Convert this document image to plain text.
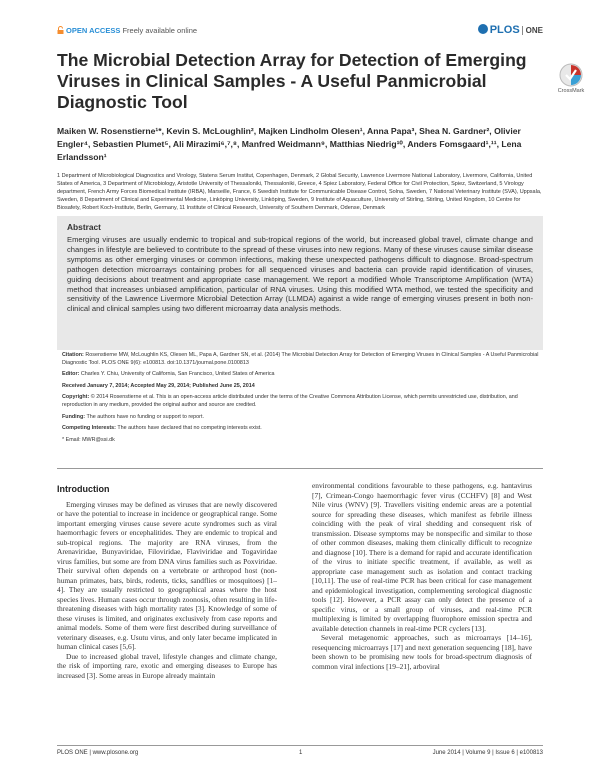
OPEN ACCESS Freely available online	PLOS ONE
The Microbial Detection Array for Detection of Emerging Viruses in Clinical Samples - A Useful Panmicrobial Diagnostic Tool
CrossMark

Maiken W. Rosenstierne¹*, Kevin S. McLoughlin², Majken Lindholm Olesen¹, Anna Papa³, Shea N. Gardner², Olivier Engler⁴, Sebastien Plumet⁵, Ali Mirazimi⁶,⁷,⁸, Manfred Weidmann⁹, Matthias Niedrig¹⁰, Anders Fomsgaard¹,¹¹, Lena Erlandsson¹

1 Department of Microbiological Diagnostics and Virology, Statens Serum Institut, Copenhagen, Denmark, 2 Global Security, Lawrence Livermore National Laboratory, Livermore, California, United States of America, 3 Department of Microbiology, Aristotle University of Thessaloniki, Thessaloniki, Greece, 4 Spiez Laboratory, Federal Office for Civil Protection, Spiez, Switzerland, 5 Virology department, French Army Forces Biomedical Institute (IRBA), Marseille, France, 6 Swedish Institute for Communicable Disease Control, Solna, Sweden, 7 National Veterinary Institute (SVA), Uppsala, Sweden, 8 Department of Clinical and Experimental Medicine, Linköping University, Linköping, Sweden, 9 Institute of Aquaculture, University of Stirling, Stirling, United Kingdom, 10 Centre for Biosafety, Robert Koch-Institute, Berlin, Germany, 11 Institute of Clinical Research, University of Southern Denmark, Odense, Denmark

Abstract

Emerging viruses are usually endemic to tropical and sub-tropical regions of the world, but increased global travel, climate change and changes in lifestyle are believed to contribute to the spread of these viruses into new regions. Many of these viruses cause similar disease symptoms as other emerging viruses or common infections, making these unexpected pathogens difficult to diagnose. Broad-spectrum pathogen detection microarrays containing probes for all sequenced viruses and bacteria can provide rapid identification of viruses, guiding decisions about treatment and appropriate case management. We report a modified Whole Transcriptome Amplification (WTA) method that increases unbiased amplification, particular of RNA viruses. Using this modified WTA method, we tested the specificity and sensitivity of the Lawrence Livermore Microbial Detection Array (LLMDA) against a wide range of emerging viruses present in both non-clinical and clinical samples using two different microarray data analysis methods.

Citation: Rosenstierne MW, McLoughlin KS, Olesen ML, Papa A, Gardner SN, et al. (2014) The Microbial Detection Array for Detection of Emerging Viruses in Clinical Samples - A Useful Panmicrobial Diagnostic Tool. PLOS ONE 9(6): e100813. doi:10.1371/journal.pone.0100813

Editor: Charles Y. Chiu, University of California, San Francisco, United States of America

Received January 7, 2014; Accepted May 29, 2014; Published June 25, 2014

Copyright: © 2014 Rosenstierne et al. This is an open-access article distributed under the terms of the Creative Commons Attribution License, which permits unrestricted use, distribution, and reproduction in any medium, provided the original author and source are credited.

Funding: The authors have no funding or support to report.

Competing Interests: The authors have declared that no competing interests exist.

* Email: MWR@ssi.dk

Introduction

Emerging viruses may be defined as viruses that are newly discovered or have the potential to increase in incidence or geographical range. Some important emerging viruses cause severe acute syndromes such as viral haemorrhagic fevers or encephalitides. They are endemic to tropical and sub-tropical regions. The majority are RNA viruses, from the Arenaviridae, Bunyaviridae, Filoviridae, Flaviviridae and Togaviridae virus families, but some are from DNA virus families such as Poxviridae. Their survival often depends on a vertebrate or arthropod host (non-human primates, bats, birds, rodents, ticks, sandflies or mosquitoes) [1–4]. They are usually restricted to geographical areas where the host species lives. Human cases occur through zoonosis, often resulting in life-threatening diseases with high mortality rates [3]. Knowledge of some of these viruses is limited, and originates exclusively from case reports and animal models. Some of them were first described during surveillance of veterinary diseases, e.g. Usutu virus, and only later became implicated in human clinical cases [5,6].

Due to increased global travel, lifestyle changes and climate change, the risk of importing rare, exotic and emerging diseases to Europe has increased [3]. Some areas in Europe already maintain

environmental conditions favourable to these pathogens, e.g. hantavirus [7], Crimean-Congo haemorrhagic fever virus (CCHFV) [8] and West Nile virus (WNV) [9]. Travellers visiting endemic areas are a potential source for spreading these diseases, which manifest as febrile illness coinciding with the peak of viral shedding and consequent risk of transmission. Disease symptoms may be nonspecific and similar to those of other common diseases, making them clinically difficult to recognize and diagnose [10]. There is a demand for rapid and accurate identification of the virus to initiate specific treatment, if available, as well as appropriate case management such as isolation and contact tracking [10,11]. The use of real-time PCR has been critical for case management and epidemiological investigation, complementing serological diagnostic tools [12]. However, a PCR assay can only detect the presence of a specific virus, or a small group of viruses, and real-time PCR multiplexing is limited by overlapping fluorophore emission spectra and available detection channels in real-time PCR cyclers [13].

Several metagenomic approaches, such as microarrays [14–16], resequencing microarrays [17] and next generation sequencing [18], have been shown to be promising new tools for broad-spectrum diagnosis of common viral infections [19–21], arboviral

PLOS ONE | www.plosone.org	1	June 2014 | Volume 9 | Issue 6 | e100813
